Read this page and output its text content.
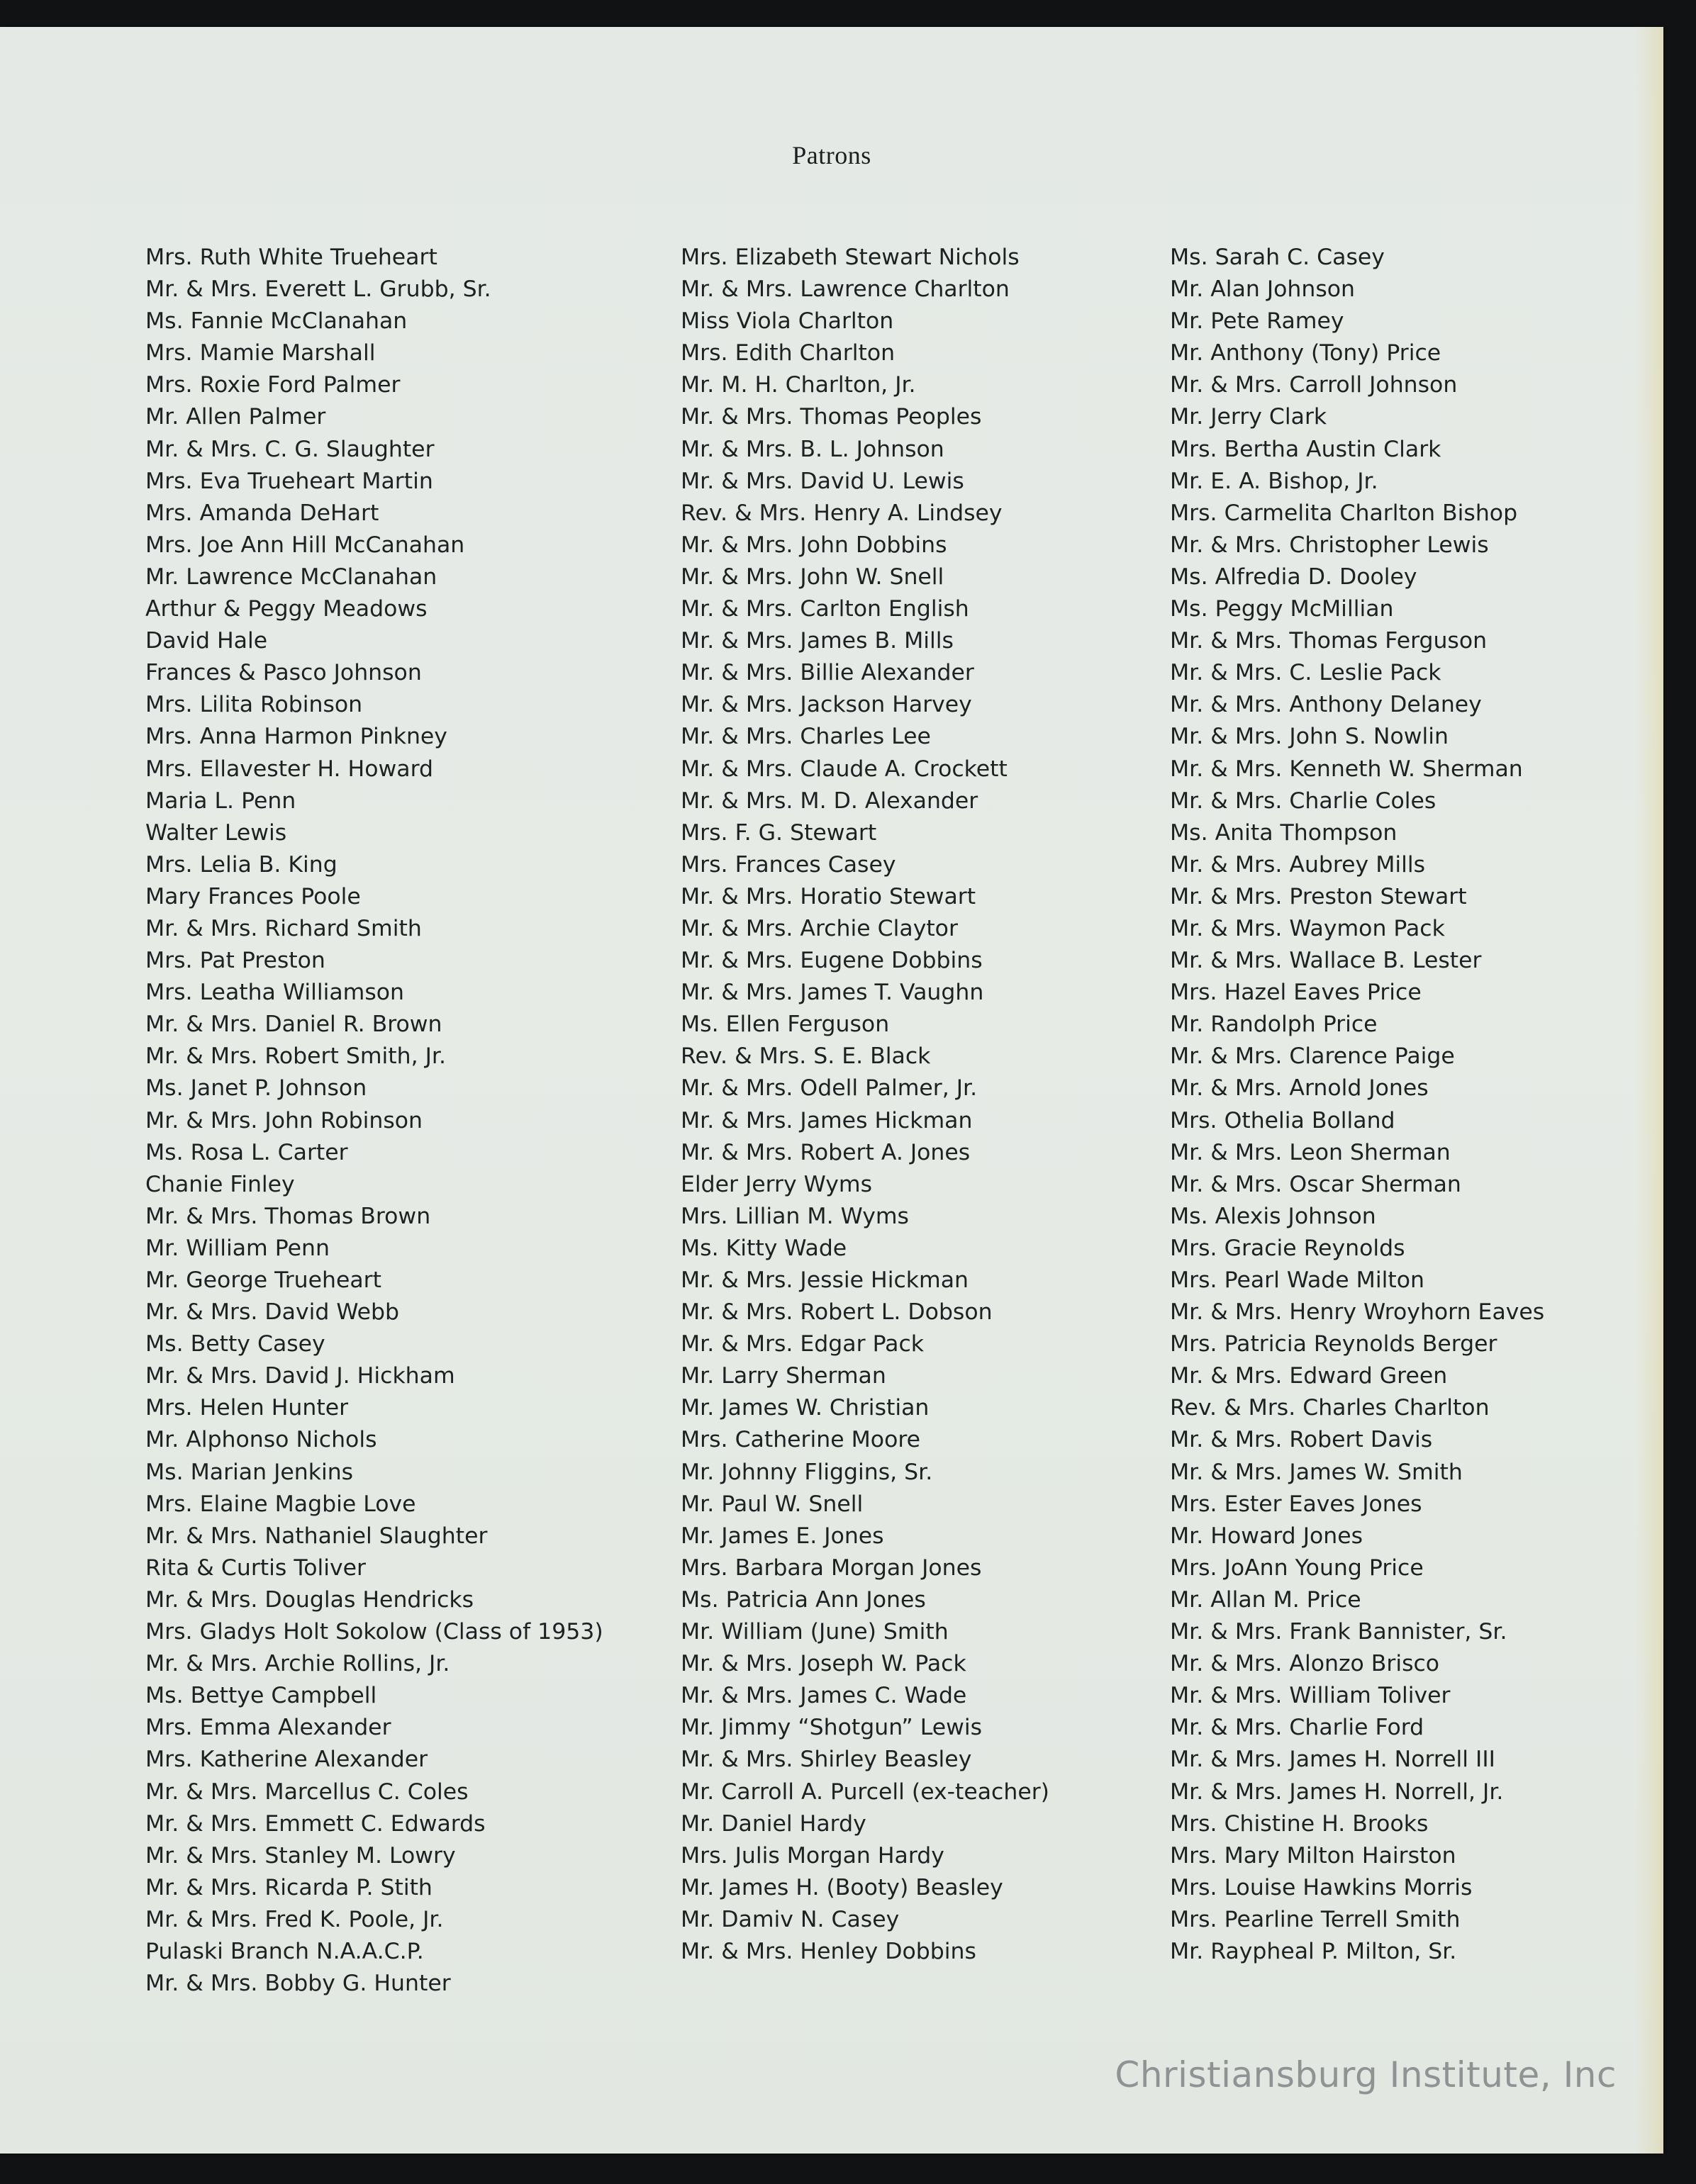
Patrons
Mrs. Ruth White Trueheart
Mr. & Mrs. Everett L. Grubb, Sr.
Ms. Fannie McClanahan
Mrs. Mamie Marshall
Mrs. Roxie Ford Palmer
Mr. Allen Palmer
Mr. & Mrs. C. G. Slaughter
Mrs. Eva Trueheart Martin
Mrs. Amanda DeHart
Mrs. Joe Ann Hill McCanahan
Mr. Lawrence McClanahan
Arthur & Peggy Meadows
David Hale
Frances & Pasco Johnson
Mrs. Lilita Robinson
Mrs. Anna Harmon Pinkney
Mrs. Ellavester H. Howard
Maria L. Penn
Walter Lewis
Mrs. Lelia B. King
Mary Frances Poole
Mr. & Mrs. Richard Smith
Mrs. Pat Preston
Mrs. Leatha Williamson
Mr. & Mrs. Daniel R. Brown
Mr. & Mrs. Robert Smith, Jr.
Ms. Janet P. Johnson
Mr. & Mrs. John Robinson
Ms. Rosa L. Carter
Chanie Finley
Mr. & Mrs. Thomas Brown
Mr. William Penn
Mr. George Trueheart
Mr. & Mrs. David Webb
Ms. Betty Casey
Mr. & Mrs. David J. Hickham
Mrs. Helen Hunter
Mr. Alphonso Nichols
Ms. Marian Jenkins
Mrs. Elaine Magbie Love
Mr. & Mrs. Nathaniel Slaughter
Rita & Curtis Toliver
Mr. & Mrs. Douglas Hendricks
Mrs. Gladys Holt Sokolow (Class of 1953)
Mr. & Mrs. Archie Rollins, Jr.
Ms. Bettye Campbell
Mrs. Emma Alexander
Mrs. Katherine Alexander
Mr. & Mrs. Marcellus C. Coles
Mr. & Mrs. Emmett C. Edwards
Mr. & Mrs. Stanley M. Lowry
Mr. & Mrs. Ricarda P. Stith
Mr. & Mrs. Fred K. Poole, Jr.
Pulaski Branch N.A.A.C.P.
Mr. & Mrs. Bobby G. Hunter
Mrs. Elizabeth Stewart Nichols
Mr. & Mrs. Lawrence Charlton
Miss Viola Charlton
Mrs. Edith Charlton
Mr. M. H. Charlton, Jr.
Mr. & Mrs. Thomas Peoples
Mr. & Mrs. B. L. Johnson
Mr. & Mrs. David U. Lewis
Rev. & Mrs. Henry A. Lindsey
Mr. & Mrs. John Dobbins
Mr. & Mrs. John W. Snell
Mr. & Mrs. Carlton English
Mr. & Mrs. James B. Mills
Mr. & Mrs. Billie Alexander
Mr. & Mrs. Jackson Harvey
Mr. & Mrs. Charles Lee
Mr. & Mrs. Claude A. Crockett
Mr. & Mrs. M. D. Alexander
Mrs. F. G. Stewart
Mrs. Frances Casey
Mr. & Mrs. Horatio Stewart
Mr. & Mrs. Archie Claytor
Mr. & Mrs. Eugene Dobbins
Mr. & Mrs. James T. Vaughn
Ms. Ellen Ferguson
Rev. & Mrs. S. E. Black
Mr. & Mrs. Odell Palmer, Jr.
Mr. & Mrs. James Hickman
Mr. & Mrs. Robert A. Jones
Elder Jerry Wyms
Mrs. Lillian M. Wyms
Ms. Kitty Wade
Mr. & Mrs. Jessie Hickman
Mr. & Mrs. Robert L. Dobson
Mr. & Mrs. Edgar Pack
Mr. Larry Sherman
Mr. James W. Christian
Mrs. Catherine Moore
Mr. Johnny Fliggins, Sr.
Mr. Paul W. Snell
Mr. James E. Jones
Mrs. Barbara Morgan Jones
Ms. Patricia Ann Jones
Mr. William (June) Smith
Mr. & Mrs. Joseph W. Pack
Mr. & Mrs. James C. Wade
Mr. Jimmy “Shotgun” Lewis
Mr. & Mrs. Shirley Beasley
Mr. Carroll A. Purcell (ex-teacher)
Mr. Daniel Hardy
Mrs. Julis Morgan Hardy
Mr. James H. (Booty) Beasley
Mr. Damiv N. Casey
Mr. & Mrs. Henley Dobbins
Ms. Sarah C. Casey
Mr. Alan Johnson
Mr. Pete Ramey
Mr. Anthony (Tony) Price
Mr. & Mrs. Carroll Johnson
Mr. Jerry Clark
Mrs. Bertha Austin Clark
Mr. E. A. Bishop, Jr.
Mrs. Carmelita Charlton Bishop
Mr. & Mrs. Christopher Lewis
Ms. Alfredia D. Dooley
Ms. Peggy McMillian
Mr. & Mrs. Thomas Ferguson
Mr. & Mrs. C. Leslie Pack
Mr. & Mrs. Anthony Delaney
Mr. & Mrs. John S. Nowlin
Mr. & Mrs. Kenneth W. Sherman
Mr. & Mrs. Charlie Coles
Ms. Anita Thompson
Mr. & Mrs. Aubrey Mills
Mr. & Mrs. Preston Stewart
Mr. & Mrs. Waymon Pack
Mr. & Mrs. Wallace B. Lester
Mrs. Hazel Eaves Price
Mr. Randolph Price
Mr. & Mrs. Clarence Paige
Mr. & Mrs. Arnold Jones
Mrs. Othelia Bolland
Mr. & Mrs. Leon Sherman
Mr. & Mrs. Oscar Sherman
Ms. Alexis Johnson
Mrs. Gracie Reynolds
Mrs. Pearl Wade Milton
Mr. & Mrs. Henry Wroyhorn Eaves
Mrs. Patricia Reynolds Berger
Mr. & Mrs. Edward Green
Rev. & Mrs. Charles Charlton
Mr. & Mrs. Robert Davis
Mr. & Mrs. James W. Smith
Mrs. Ester Eaves Jones
Mr. Howard Jones
Mrs. JoAnn Young Price
Mr. Allan M. Price
Mr. & Mrs. Frank Bannister, Sr.
Mr. & Mrs. Alonzo Brisco
Mr. & Mrs. William Toliver
Mr. & Mrs. Charlie Ford
Mr. & Mrs. James H. Norrell III
Mr. & Mrs. James H. Norrell, Jr.
Mrs. Chistine H. Brooks
Mrs. Mary Milton Hairston
Mrs. Louise Hawkins Morris
Mrs. Pearline Terrell Smith
Mr. Raypheal P. Milton, Sr.
Christiansburg Institute, Inc
